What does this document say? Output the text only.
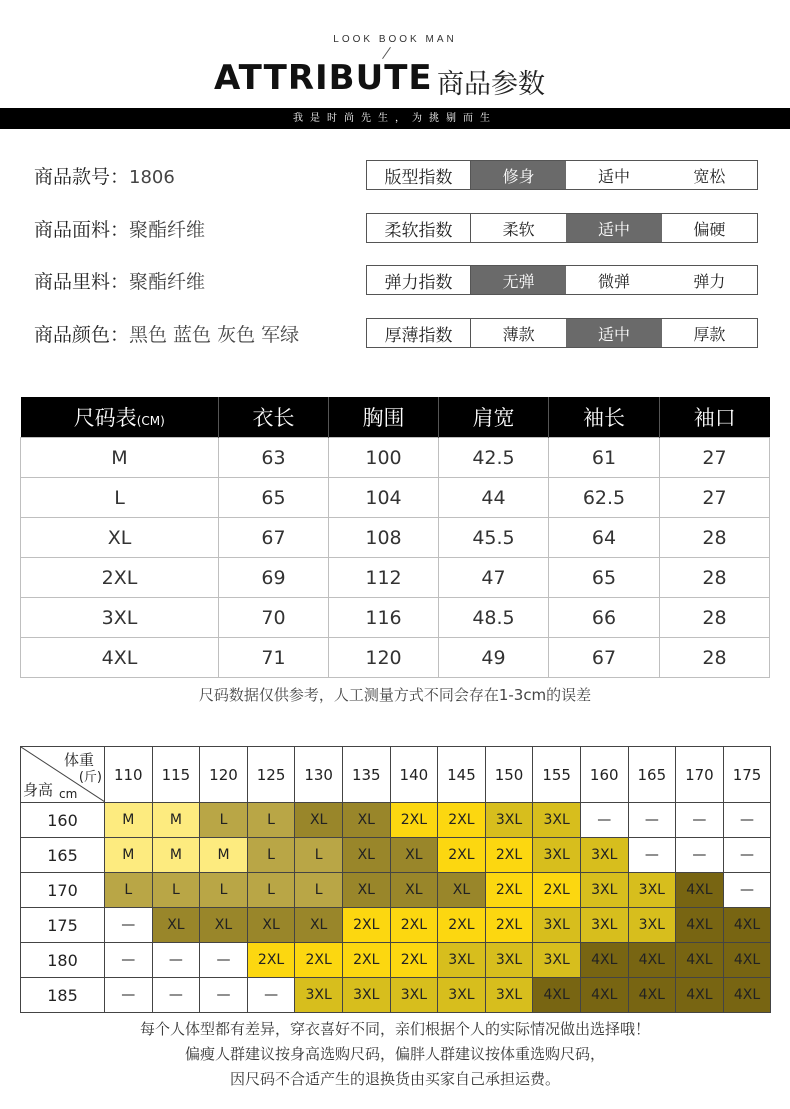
LOOK BOOK MAN
ATTRIBUTE 商品参数
我是时尚先生，为挑剔而生
商品款号：1806
商品面料：聚酯纤维
商品里料：聚酯纤维
商品颜色：黑色 蓝色 灰色 军绿
版型指数	修身	适中	宽松
柔软指数	柔软	适中	偏硬
弹力指数	无弹	微弹	弹力
厚薄指数	薄款	适中	厚款
尺码表(CM)	衣长	胸围	肩宽	袖长	袖口
M	63	100	42.5	61	27
L	65	104	44	62.5	27
XL	67	108	45.5	64	28
2XL	69	112	47	65	28
3XL	70	116	48.5	66	28
4XL	71	120	49	67	28
尺码数据仅供参考，人工测量方式不同会存在1-3cm的误差
体重
(斤)
身高 cm	110	115	120	125	130	135	140	145	150	155	160	165	170	175
160	M	M	L	L	XL	XL	2XL	2XL	3XL	3XL	—	—	—	—
165	M	M	M	L	L	XL	XL	2XL	2XL	3XL	3XL	—	—	—
170	L	L	L	L	L	XL	XL	XL	2XL	2XL	3XL	3XL	4XL	—
175	—	XL	XL	XL	XL	2XL	2XL	2XL	2XL	3XL	3XL	3XL	4XL	4XL
180	—	—	—	2XL	2XL	2XL	2XL	3XL	3XL	3XL	4XL	4XL	4XL	4XL
185	—	—	—	—	3XL	3XL	3XL	3XL	3XL	4XL	4XL	4XL	4XL	4XL
每个人体型都有差异，穿衣喜好不同，亲们根据个人的实际情况做出选择哦！
偏瘦人群建议按身高选购尺码，偏胖人群建议按体重选购尺码，
因尺码不合适产生的退换货由买家自己承担运费。
